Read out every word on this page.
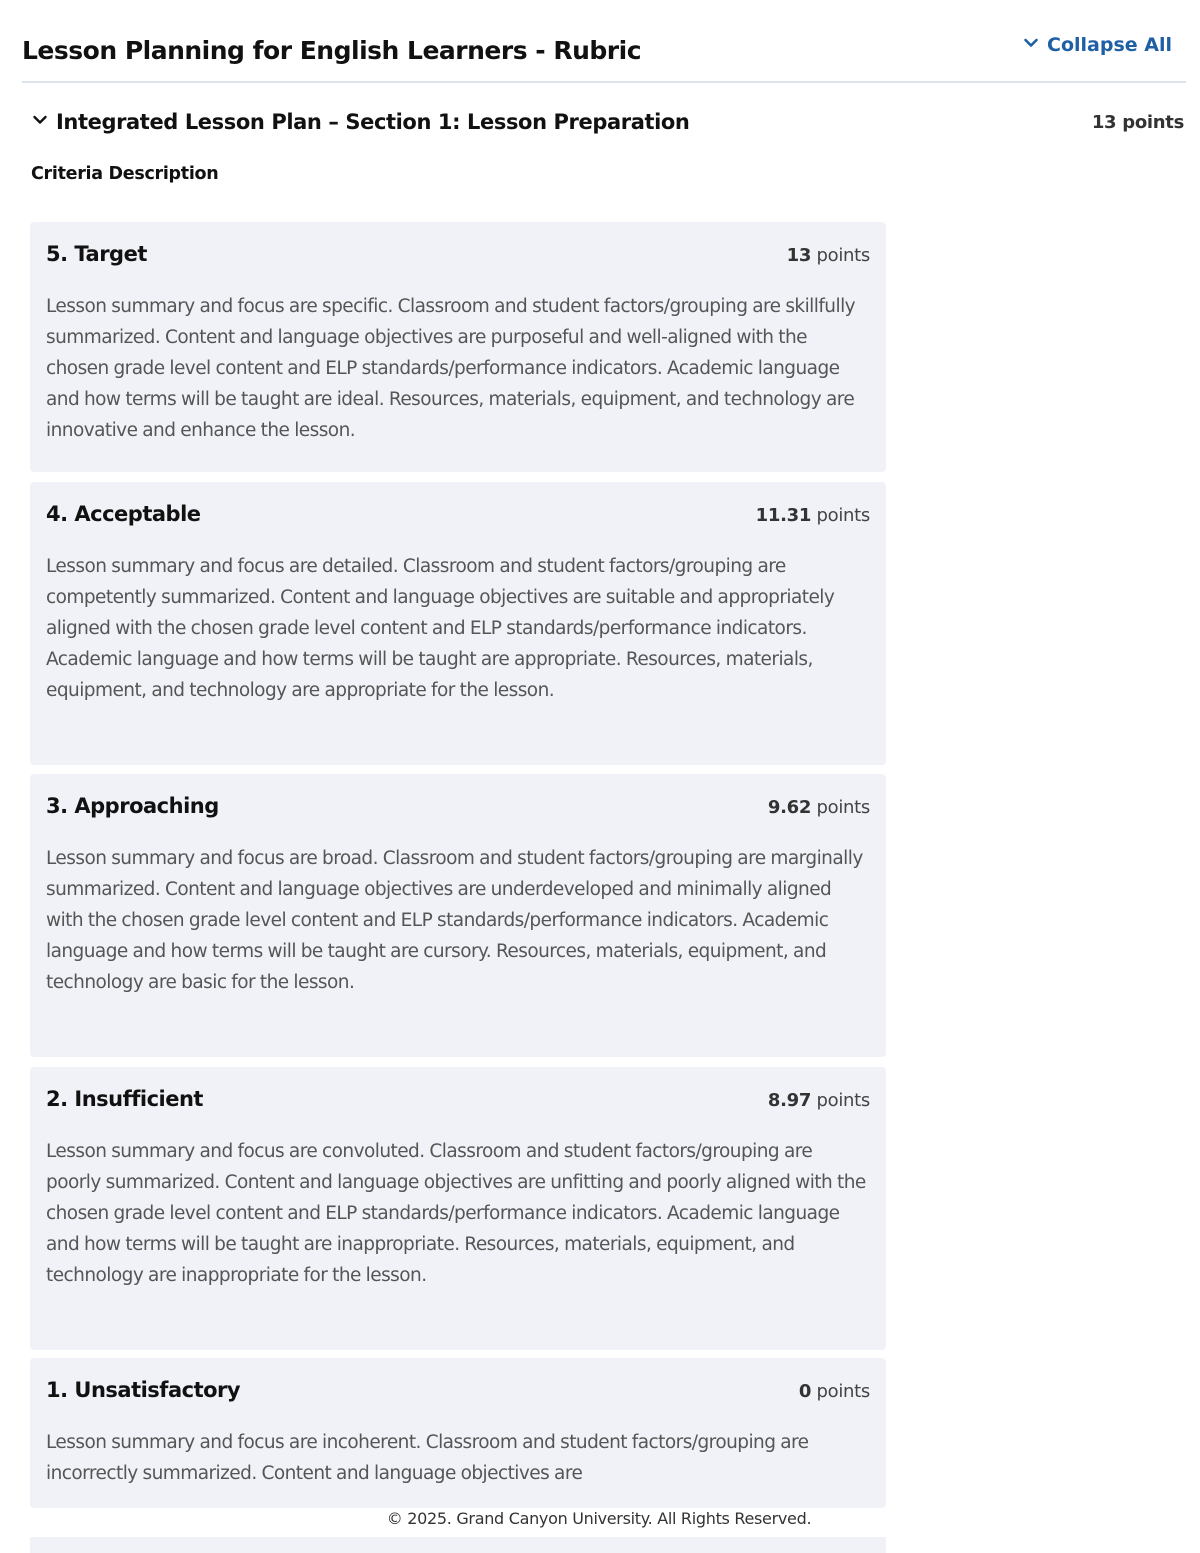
Lesson Planning for English Learners - Rubric	Collapse All
Integrated Lesson Plan – Section 1: Lesson Preparation	13 points
Criteria Description
5. Target	13 points
Lesson summary and focus are specific. Classroom and student factors/grouping are skillfully summarized. Content and language objectives are purposeful and well-aligned with the chosen grade level content and ELP standards/performance indicators. Academic language and how terms will be taught are ideal. Resources, materials, equipment, and technology are innovative and enhance the lesson.
4. Acceptable	11.31 points
Lesson summary and focus are detailed. Classroom and student factors/grouping are competently summarized. Content and language objectives are suitable and appropriately aligned with the chosen grade level content and ELP standards/performance indicators. Academic language and how terms will be taught are appropriate. Resources, materials, equipment, and technology are appropriate for the lesson.
3. Approaching	9.62 points
Lesson summary and focus are broad. Classroom and student factors/grouping are marginally summarized. Content and language objectives are underdeveloped and minimally aligned with the chosen grade level content and ELP standards/performance indicators. Academic language and how terms will be taught are cursory. Resources, materials, equipment, and technology are basic for the lesson.
2. Insufficient	8.97 points
Lesson summary and focus are convoluted. Classroom and student factors/grouping are poorly summarized. Content and language objectives are unfitting and poorly aligned with the chosen grade level content and ELP standards/performance indicators. Academic language and how terms will be taught are inappropriate. Resources, materials, equipment, and technology are inappropriate for the lesson.
1. Unsatisfactory	0 points
Lesson summary and focus are incoherent. Classroom and student factors/grouping are incorrectly summarized. Content and language objectives are
© 2025. Grand Canyon University. All Rights Reserved.
